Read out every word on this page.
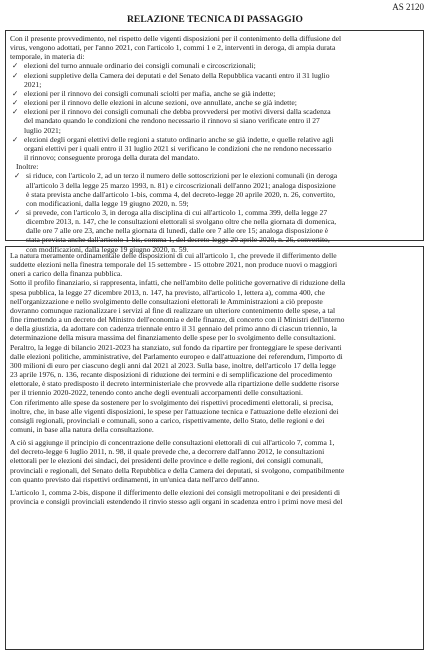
AS 2120
RELAZIONE TECNICA DI PASSAGGIO
Con il presente provvedimento, nel rispetto delle vigenti disposizioni per il contenimento della diffusione del
virus, vengono adottati, per l'anno 2021, con l'articolo 1, commi 1 e 2, interventi in deroga, di ampia durata
temporale, in materia di:
✓ elezioni del turno annuale ordinario dei consigli comunali e circoscrizionali;
✓ elezioni suppletive della Camera dei deputati e del Senato della Repubblica vacanti entro il 31 luglio
2021;
✓ elezioni per il rinnovo dei consigli comunali sciolti per mafia, anche se già indette;
✓ elezioni per il rinnovo delle elezioni in alcune sezioni, ove annullate, anche se già indette;
✓ elezioni per il rinnovo dei consigli comunali che debba provvedersi per motivi diversi dalla scadenza
del mandato quando le condizioni che rendono necessario il rinnovo si siano verificate entro il 27
luglio 2021;
✓ elezioni degli organi elettivi delle regioni a statuto ordinario anche se già indette, e quelle relative agli
organi elettivi per i quali entro il 31 luglio 2021 si verificano le condizioni che ne rendono necessario
il rinnovo; conseguente proroga della durata del mandato.
Inoltre:
✓ si riduce, con l'articolo 2, ad un terzo il numero delle sottoscrizioni per le elezioni comunali (in deroga
all'articolo 3 della legge 25 marzo 1993, n. 81) e circoscrizionali dell'anno 2021; analoga disposizione
è stata prevista anche dall'articolo 1-bis, comma 4, del decreto-legge 20 aprile 2020, n. 26, convertito,
con modificazioni, dalla legge 19 giugno 2020, n. 59;
✓ si prevede, con l'articolo 3, in deroga alla disciplina di cui all'articolo 1, comma 399, della legge 27
dicembre 2013, n. 147, che le consultazioni elettorali si svolgano oltre che nella giornata di domenica,
dalle ore 7 alle ore 23, anche nella giornata di lunedì, dalle ore 7 alle ore 15; analoga disposizione è
stata prevista anche dall'articolo 1-bis, comma 1, del decreto-legge 20 aprile 2020, n. 26, convertito,
con modificazioni, dalla legge 19 giugno 2020, n. 59.
La natura meramente ordinamentale delle disposizioni di cui all'articolo 1, che prevede il differimento delle
suddette elezioni nella finestra temporale del 15 settembre - 15 ottobre 2021, non produce nuovi o maggiori
oneri a carico della finanza pubblica.
Sotto il profilo finanziario, si rappresenta, infatti, che nell'ambito delle politiche governative di riduzione della
spesa pubblica, la legge 27 dicembre 2013, n. 147, ha previsto, all'articolo 1, lettera a), comma 400, che
nell'organizzazione e nello svolgimento delle consultazioni elettorali le Amministrazioni a ciò preposte
dovranno comunque razionalizzare i servizi al fine di realizzare un ulteriore contenimento delle spese, a tal
fine rimettendo a un decreto del Ministro dell'economia e delle finanze, di concerto con il Ministri dell'interno
e della giustizia, da adottare con cadenza triennale entro il 31 gennaio del primo anno di ciascun triennio, la
determinazione della misura massima del finanziamento delle spese per lo svolgimento delle consultazioni.
Peraltro, la legge di bilancio 2021-2023 ha stanziato, sul fondo da ripartire per fronteggiare le spese derivanti
dalle elezioni politiche, amministrative, del Parlamento europeo e dall'attuazione dei referendum, l'importo di
300 milioni di euro per ciascuno degli anni dal 2021 al 2023. Sulla base, inoltre, dell'articolo 17 della legge
23 aprile 1976, n. 136, recante disposizioni di riduzione dei termini e di semplificazione del procedimento
elettorale, è stato predisposto il decreto interministeriale che provvede alla ripartizione delle suddette risorse
per il triennio 2020-2022, tenendo conto anche degli eventuali accorpamenti delle consultazioni.
Con riferimento alle spese da sostenere per lo svolgimento dei rispettivi procedimenti elettorali, si precisa,
inoltre, che, in base alle vigenti disposizioni, le spese per l'attuazione tecnica e l'attuazione delle elezioni dei
consigli regionali, provinciali e comunali, sono a carico, rispettivamente, dello Stato, delle regioni e dei
comuni, in base alla natura della consultazione.
A ciò si aggiunge il principio di concentrazione delle consultazioni elettorali di cui all'articolo 7, comma 1,
del decreto-legge 6 luglio 2011, n. 98, il quale prevede che, a decorrere dall'anno 2012, le consultazioni
elettorali per le elezioni dei sindaci, dei presidenti delle province e delle regioni, dei consigli comunali,
provinciali e regionali, del Senato della Repubblica e della Camera dei deputati, si svolgono, compatibilmente
con quanto previsto dai rispettivi ordinamenti, in un'unica data nell'arco dell'anno.
L'articolo 1, comma 2-bis, dispone il differimento delle elezioni dei consigli metropolitani e dei presidenti di
provincia e consigli provinciali estendendo il rinvio stesso agli organi in scadenza entro i primi nove mesi del
